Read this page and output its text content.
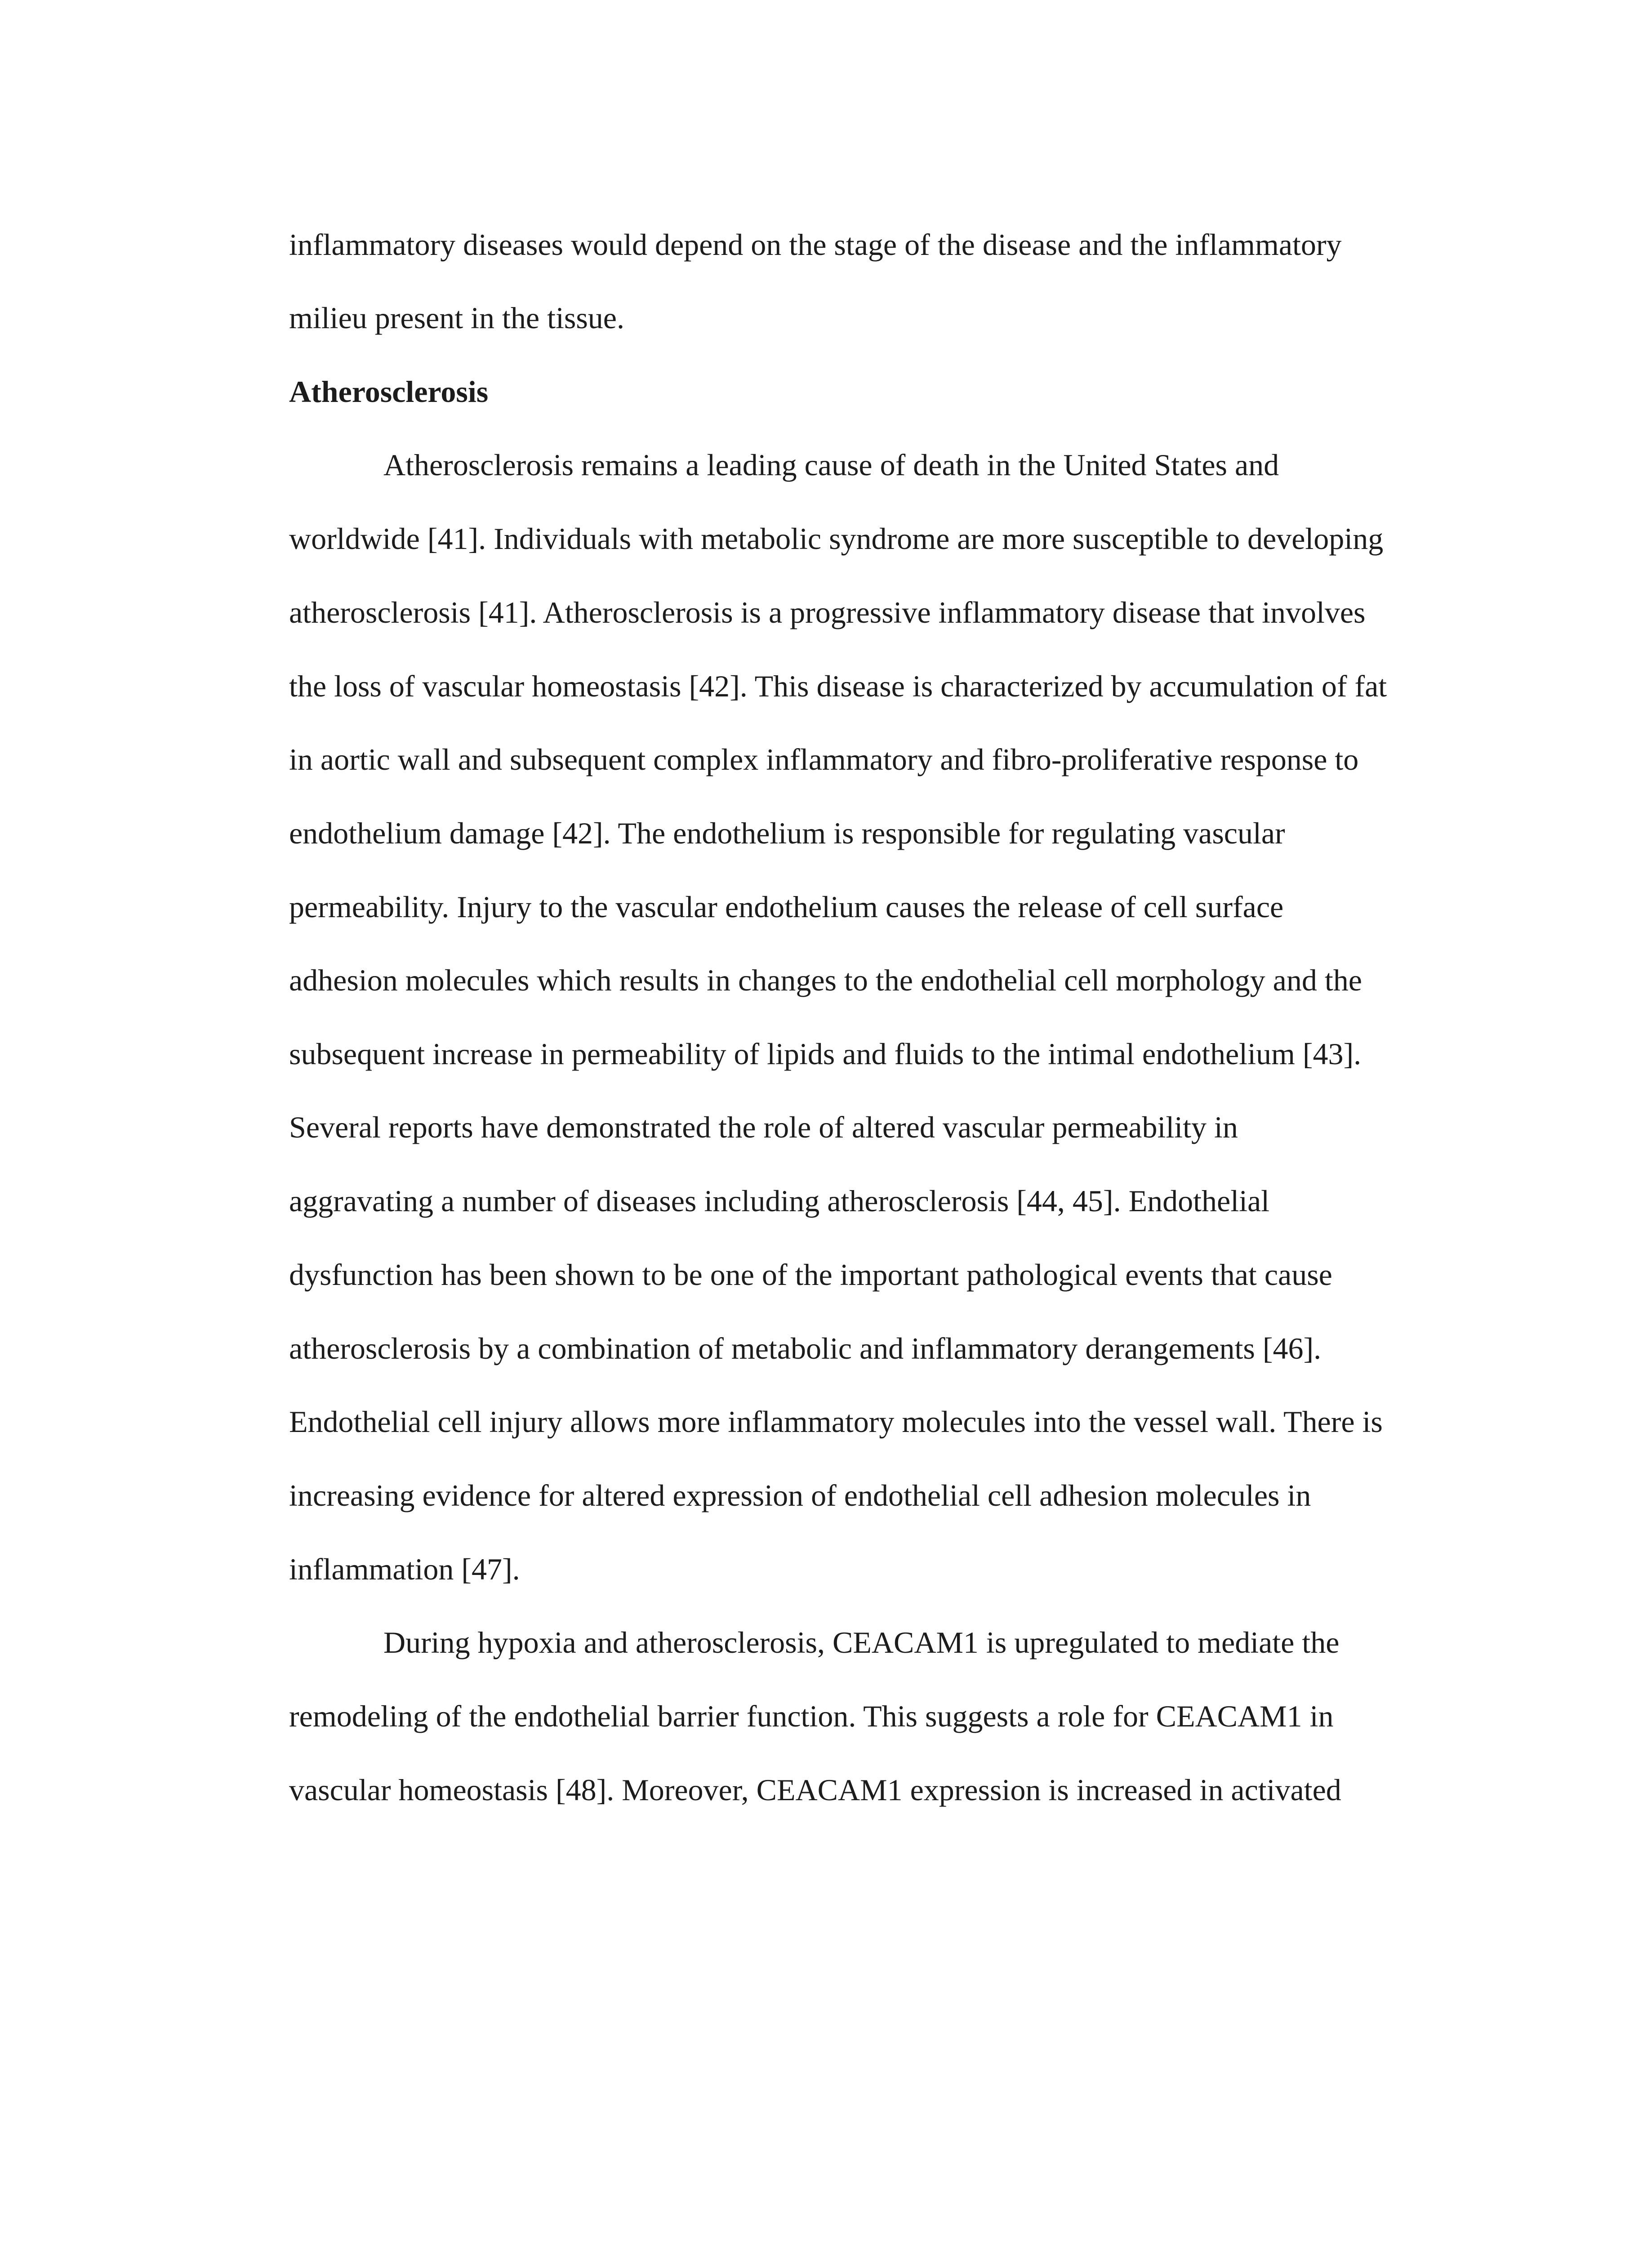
inflammatory diseases would depend on the stage of the disease and the inflammatory
milieu present in the tissue.
Atherosclerosis
Atherosclerosis remains a leading cause of death in the United States and
worldwide [41]. Individuals with metabolic syndrome are more susceptible to developing
atherosclerosis [41]. Atherosclerosis is a progressive inflammatory disease that involves
the loss of vascular homeostasis [42]. This disease is characterized by accumulation of fat
in aortic wall and subsequent complex inflammatory and fibro-proliferative response to
endothelium damage [42]. The endothelium is responsible for regulating vascular
permeability. Injury to the vascular endothelium causes the release of cell surface
adhesion molecules which results in changes to the endothelial cell morphology and the
subsequent increase in permeability of lipids and fluids to the intimal endothelium [43].
Several reports have demonstrated the role of altered vascular permeability in
aggravating a number of diseases including atherosclerosis [44, 45]. Endothelial
dysfunction has been shown to be one of the important pathological events that cause
atherosclerosis by a combination of metabolic and inflammatory derangements [46].
Endothelial cell injury allows more inflammatory molecules into the vessel wall. There is
increasing evidence for altered expression of endothelial cell adhesion molecules in
inflammation [47].
During hypoxia and atherosclerosis, CEACAM1 is upregulated to mediate the
remodeling of the endothelial barrier function. This suggests a role for CEACAM1 in
vascular homeostasis [48]. Moreover, CEACAM1 expression is increased in activated
